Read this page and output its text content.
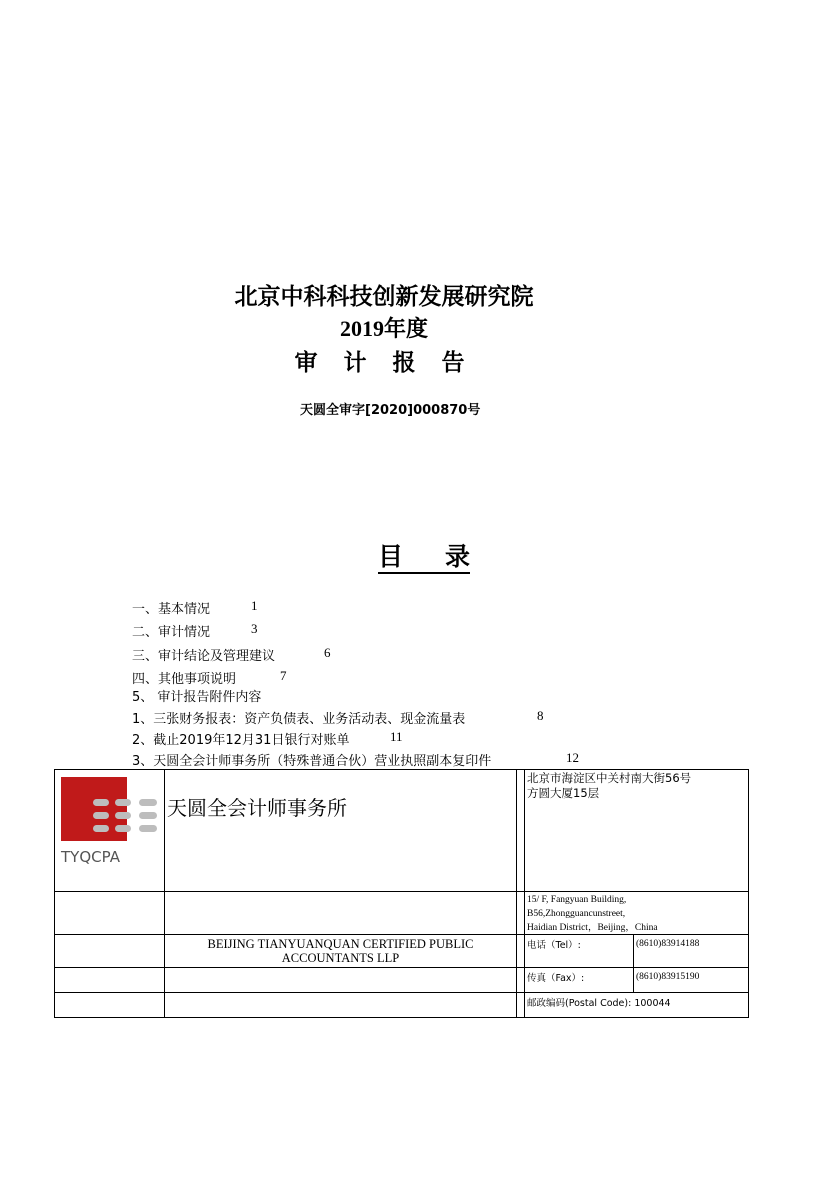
北京中科科技创新发展研究院
2019年度
审 计 报 告
天圆全审字[2020]000870号
目 录
一、基本情况	1
二、审计情况	3
三、审计结论及管理建议	6
四、其他事项说明	7
5、 审计报告附件内容
1、三张财务报表：资产负债表、业务活动表、现金流量表	8
2、截止2019年12月31日银行对账单	11
3、天圆全会计师事务所（特殊普通合伙）营业执照副本复印件	12
TYQCPA	天圆全会计师事务所		北京市海淀区中关村南大街56号
方圆大厦15层	

			15/ F, Fangyuan Building,
B56,Zhongguancunstreet,
Haidian District，Beijing，China	

	BEIJING TIANYUANQUAN CERTIFIED PUBLIC ACCOUNTANTS LLP		电话（Tel）:	(8610)83914188

			传真（Fax）:	(8610)83915190

			邮政编码(Postal Code): 100044	
